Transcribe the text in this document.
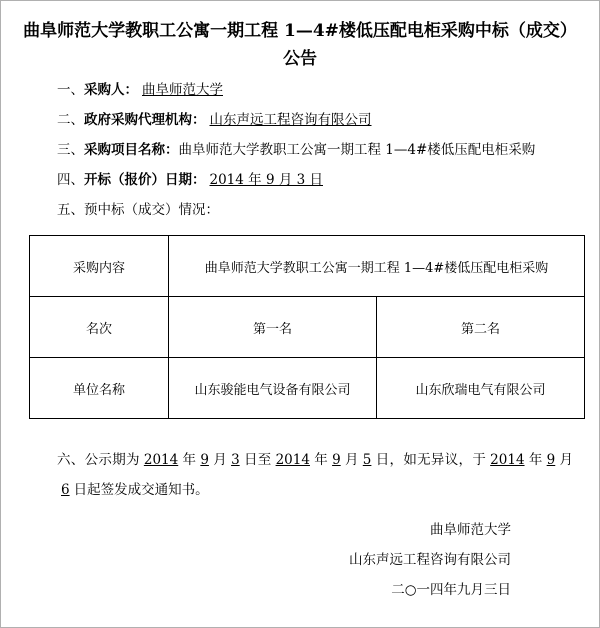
曲阜师范大学教职工公寓一期工程 1—4#楼低压配电柜采购中标（成交）公告
一、采购人： 曲阜师范大学
二、政府采购代理机构： 山东声远工程咨询有限公司
三、采购项目名称：曲阜师范大学教职工公寓一期工程 1—4#楼低压配电柜采购
四、开标（报价）日期： 2014 年 9 月 3 日
五、预中标（成交）情况：
采购内容	曲阜师范大学教职工公寓一期工程 1—4#楼低压配电柜采购	
名次	第一名	第二名
单位名称	山东骏能电气设备有限公司	山东欣瑞电气有限公司
六、公示期为 2014 年 9 月 3 日至 2014 年 9 月 5 日，如无异议，于 2014 年 9 月6 日起签发成交通知书。
曲阜师范大学
山东声远工程咨询有限公司
二○一四年九月三日
